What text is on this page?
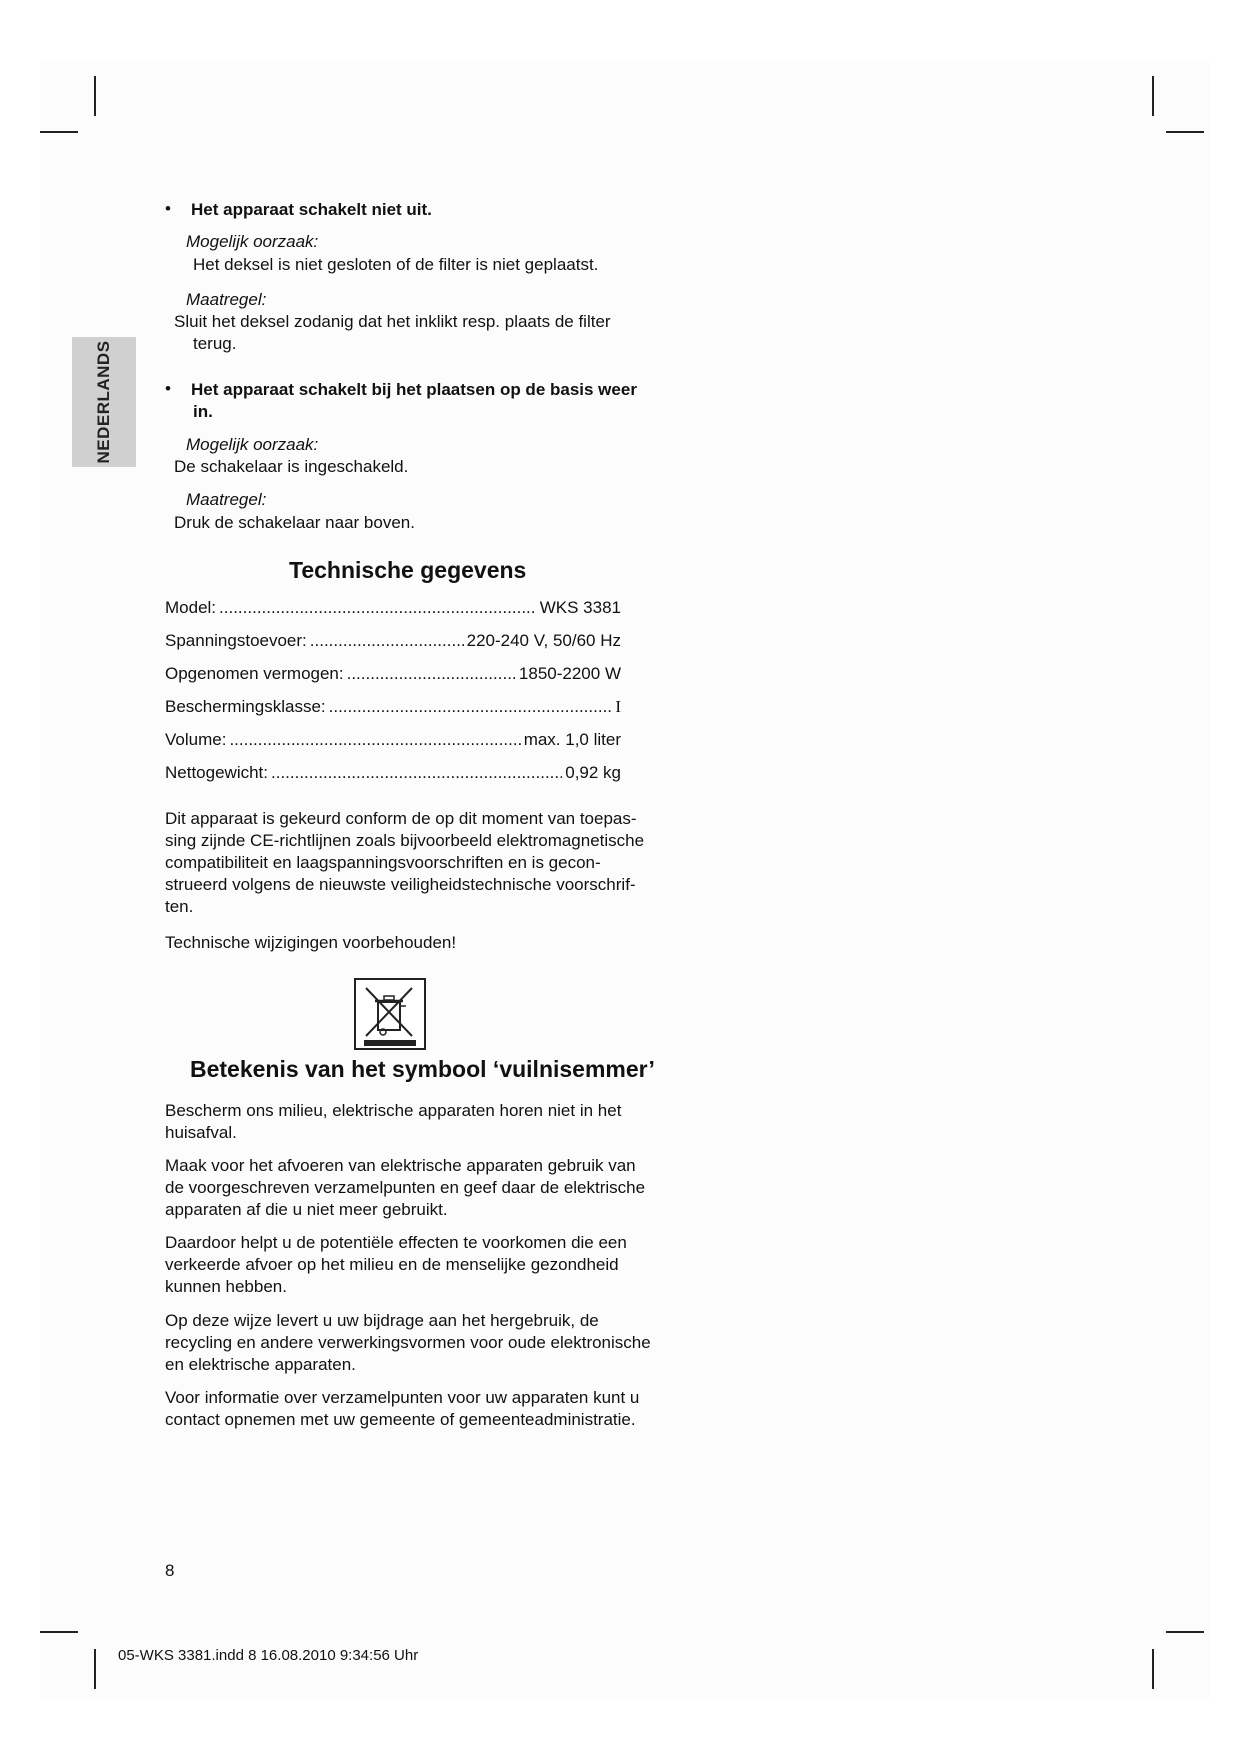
NEDERLANDS
• Het apparaat schakelt niet uit.
Mogelijk oorzaak:
Het deksel is niet gesloten of de filter is niet geplaatst.
Maatregel:
Sluit het deksel zodanig dat het inklikt resp. plaats de filter
terug.
• Het apparaat schakelt bij het plaatsen op de basis weer
in.
Mogelijk oorzaak:
De schakelaar is ingeschakeld.
Maatregel:
Druk de schakelaar naar boven.
Technische gegevens
Model: .....	WKS 3381
Spanningstoevoer: .....	220-240 V, 50/60 Hz
Opgenomen vermogen: .....	1850-2200 W
Beschermingsklasse: .....	I
Volume: .....	max. 1,0 liter
Nettogewicht: .....	0,92 kg
Dit apparaat is gekeurd conform de op dit moment van toepas-
sing zijnde CE-richtlijnen zoals bijvoorbeeld elektromagnetische
compatibiliteit en laagspanningsvoorschriften en is gecon-
strueerd volgens de nieuwste veiligheidstechnische voorschrif-
ten.
Technische wijzigingen voorbehouden!
Betekenis van het symbool ‘vuilnisemmer’
Bescherm ons milieu, elektrische apparaten horen niet in het
huisafval.
Maak voor het afvoeren van elektrische apparaten gebruik van
de voorgeschreven verzamelpunten en geef daar de elektrische
apparaten af die u niet meer gebruikt.
Daardoor helpt u de potentiële effecten te voorkomen die een
verkeerde afvoer op het milieu en de menselijke gezondheid
kunnen hebben.
Op deze wijze levert u uw bijdrage aan het hergebruik, de
recycling en andere verwerkingsvormen voor oude elektronische
en elektrische apparaten.
Voor informatie over verzamelpunten voor uw apparaten kunt u
contact opnemen met uw gemeente of gemeenteadministratie.
8
05-WKS 3381.indd 8 16.08.2010 9:34:56 Uhr
